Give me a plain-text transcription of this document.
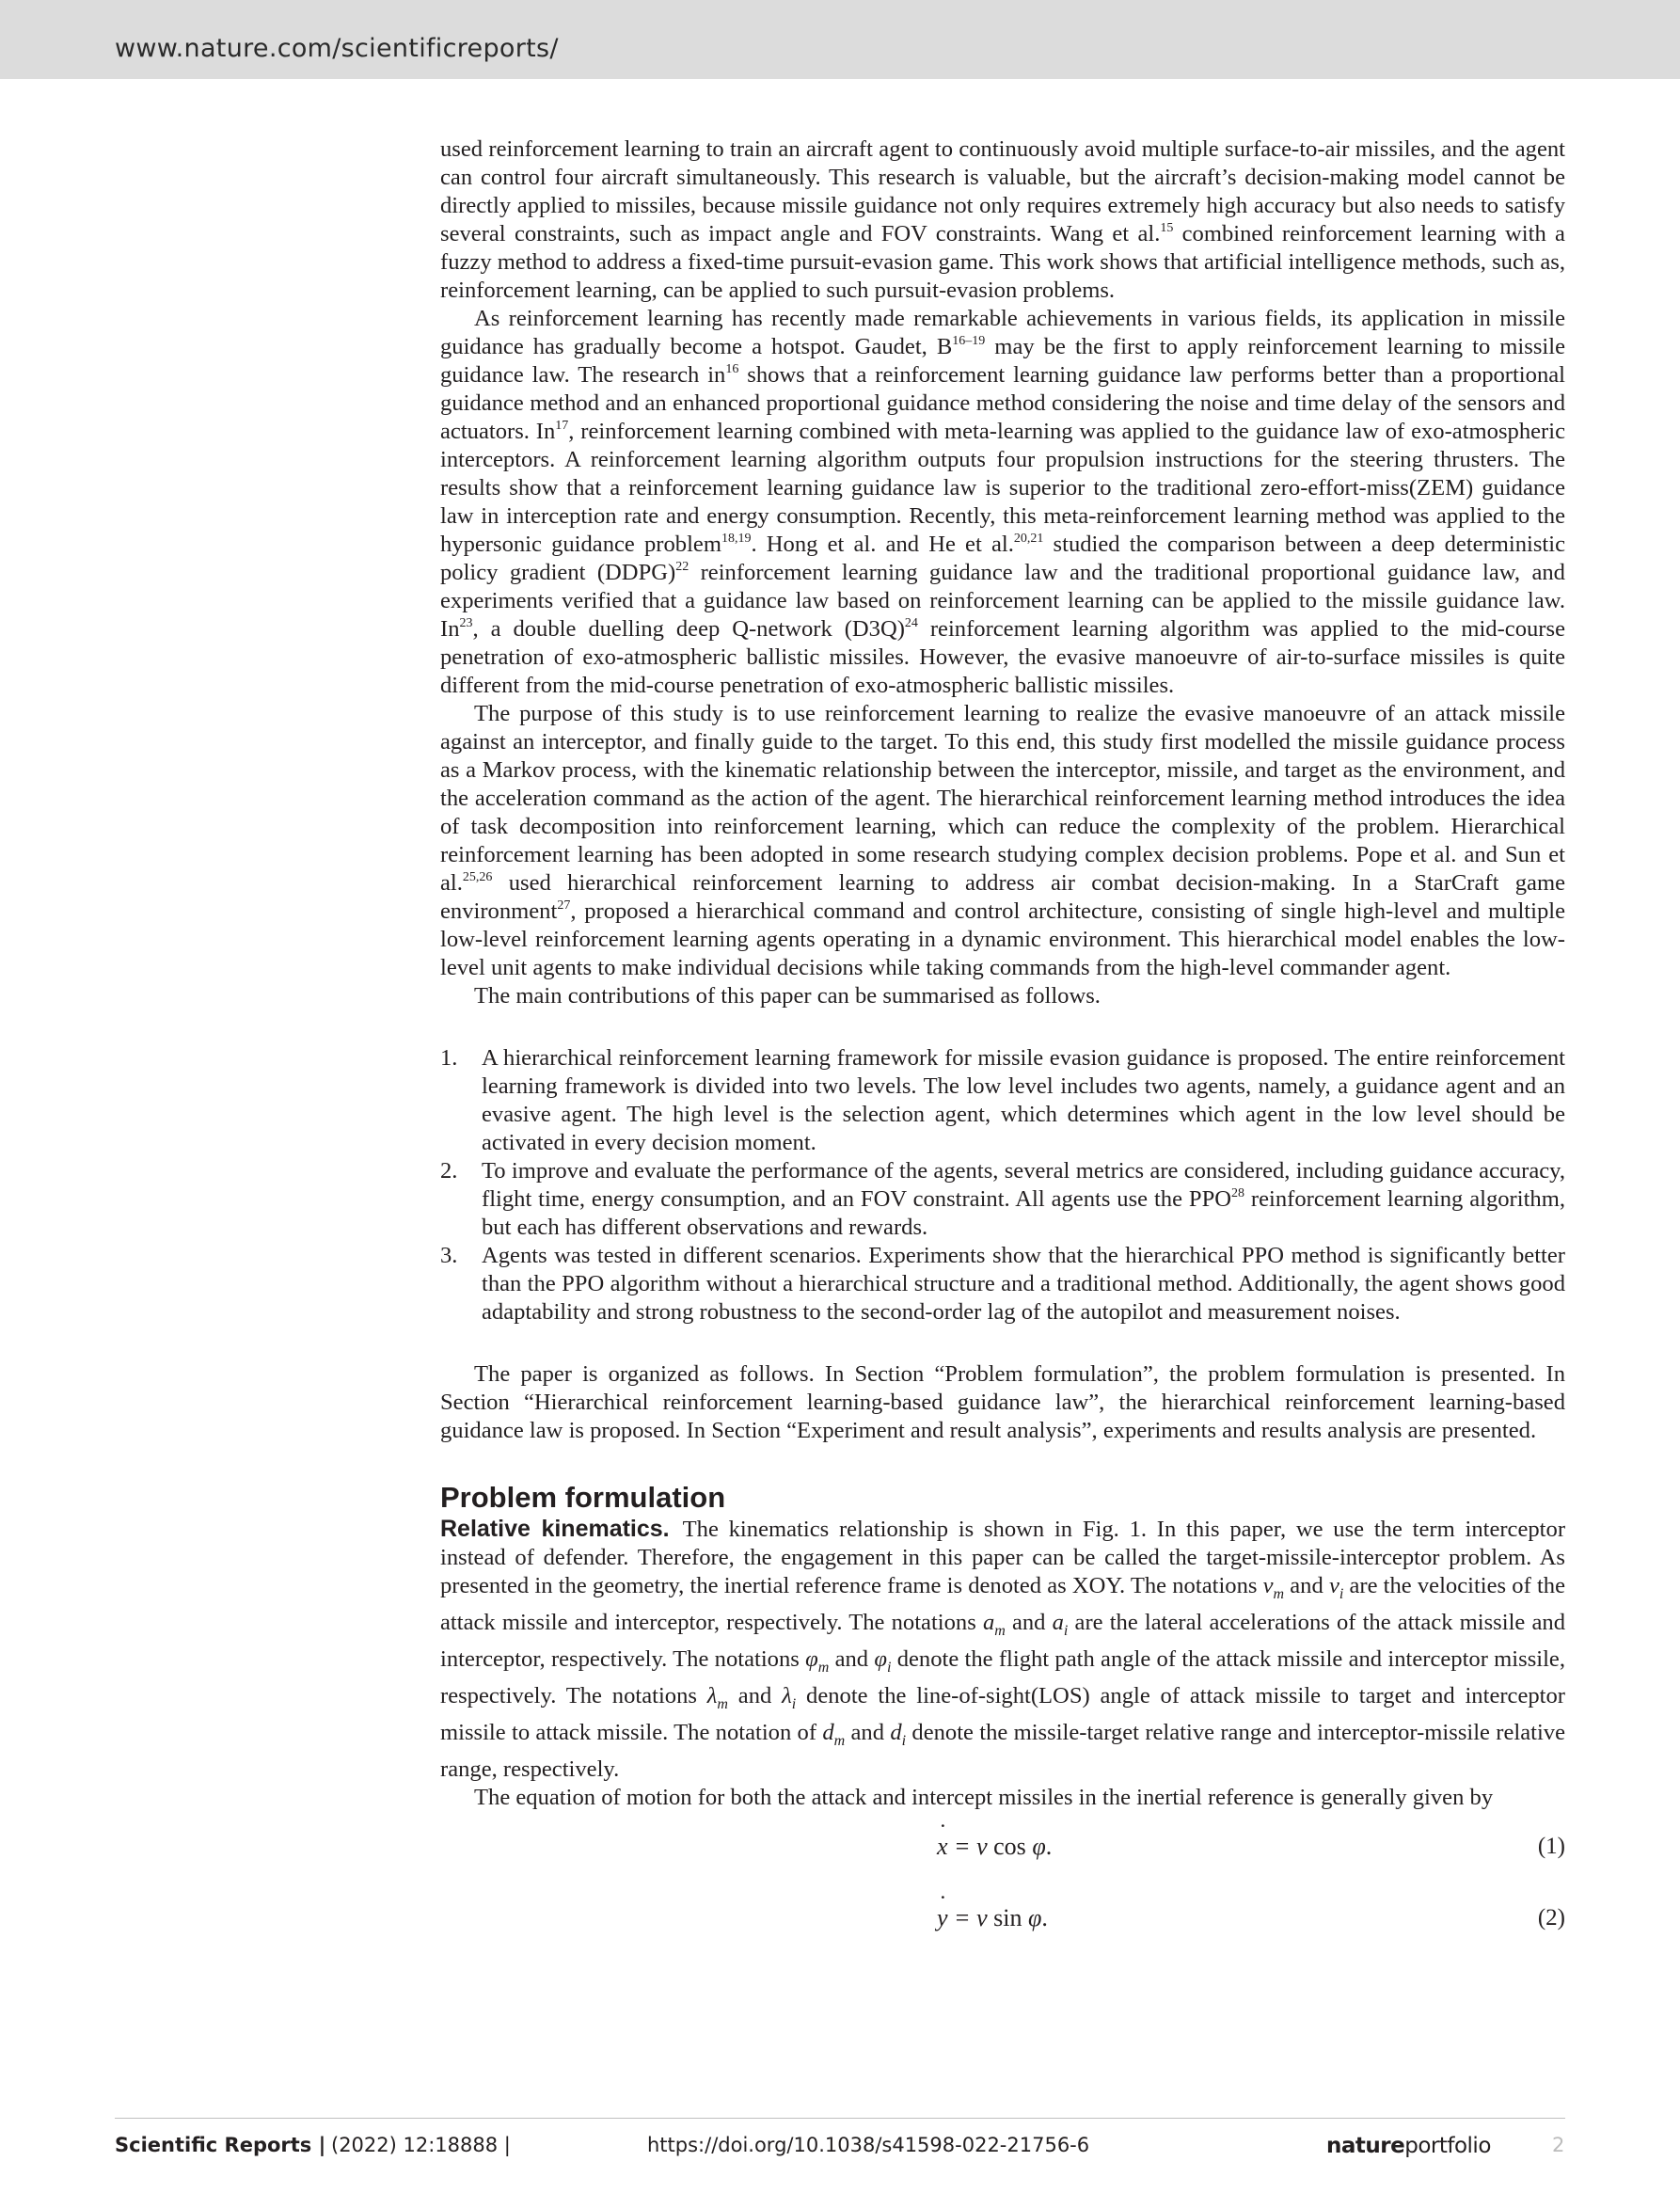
www.nature.com/scientificreports/

used reinforcement learning to train an aircraft agent to continuously avoid multiple surface-to-air missiles, and the agent can control four aircraft simultaneously. This research is valuable, but the aircraft’s decision-making model cannot be directly applied to missiles, because missile guidance not only requires extremely high accuracy but also needs to satisfy several constraints, such as impact angle and FOV constraints. Wang et al.$^{15}$ combined reinforcement learning with a fuzzy method to address a fixed-time pursuit-evasion game. This work shows that artificial intelligence methods, such as, reinforcement learning, can be applied to such pursuit-evasion problems.

As reinforcement learning has recently made remarkable achievements in various fields, its application in missile guidance has gradually become a hotspot. Gaudet, $B^{16-19}$ may be the first to apply reinforcement learning to missile guidance law. The research $in^{16}$ shows that a reinforcement learning guidance law performs better than a proportional guidance method and an enhanced proportional guidance method considering the noise and time delay of the sensors and actuators. In$^{17}$, reinforcement learning combined with meta-learning was applied to the guidance law of exo-atmospheric interceptors. A reinforcement learning algorithm outputs four propulsion instructions for the steering thrusters. The results show that a reinforcement learning guidance law is superior to the traditional zero-effort-miss(ZEM) guidance law in interception rate and energy consumption. Recently, this meta-reinforcement learning method was applied to the hypersonic guidance problem$^{18,19}$. Hong et al. and He et al.$^{20,21}$ studied the comparison between a deep deterministic policy gradient (DDPG)$^{22}$ reinforcement learning guidance law and the traditional proportional guidance law, and experiments verified that a guidance law based on reinforcement learning can be applied to the missile guidance law. In$^{23}$, a double duelling deep Q-network $(D3Q)^{24}$ reinforcement learning algorithm was applied to the mid-course penetration of exo-atmospheric ballistic missiles. However, the evasive manoeuvre of air-to-surface missiles is quite different from the mid-course penetration of exo-atmospheric ballistic missiles.

The purpose of this study is to use reinforcement learning to realize the evasive manoeuvre of an attack missile against an interceptor, and finally guide to the target. To this end, this study first modelled the missile guidance process as a Markov process, with the kinematic relationship between the interceptor, missile, and target as the environment, and the acceleration command as the action of the agent. The hierarchical reinforcement learning method introduces the idea of task decomposition into reinforcement learning, which can reduce the complexity of the problem. Hierarchical reinforcement learning has been adopted in some research studying complex decision problems. Pope et al. and Sun et al.$^{25,26}$ used hierarchical reinforcement learning to address air combat decision-making. In a StarCraft game environment$^{27}$, proposed a hierarchical command and control architecture, consisting of single high-level and multiple low-level reinforcement learning agents operating in a dynamic environment. This hierarchical model enables the low-level unit agents to make individual decisions while taking commands from the high-level commander agent.

The main contributions of this paper can be summarised as follows.

1. A hierarchical reinforcement learning framework for missile evasion guidance is proposed. The entire reinforcement learning framework is divided into two levels. The low level includes two agents, namely, a guidance agent and an evasive agent. The high level is the selection agent, which determines which agent in the low level should be activated in every decision moment.
2. To improve and evaluate the performance of the agents, several metrics are considered, including guidance accuracy, flight time, energy consumption, and an FOV constraint. All agents use the PPO$^{28}$ reinforcement learning algorithm, but each has different observations and rewards.
3. Agents was tested in different scenarios. Experiments show that the hierarchical PPO method is significantly better than the PPO algorithm without a hierarchical structure and a traditional method. Additionally, the agent shows good adaptability and strong robustness to the second-order lag of the autopilot and measurement noises.

The paper is organized as follows. In Section “Problem formulation”, the problem formulation is presented. In Section “Hierarchical reinforcement learning-based guidance law”, the hierarchical reinforcement learning-based guidance law is proposed. In Section “Experiment and result analysis”, experiments and results analysis are presented.

Problem formulation

Relative kinematics. The kinematics relationship is shown in Fig. 1. In this paper, we use the term interceptor instead of defender. Therefore, the engagement in this paper can be called the target-missile-interceptor problem. As presented in the geometry, the inertial reference frame is denoted as XOY. The notations $v_m$ and $v_i$ are the velocities of the attack missile and interceptor, respectively. The notations $a_m$ and $a_i$ are the lateral accelerations of the attack missile and interceptor, respectively. The notations $\varphi_m$ and $\varphi_i$ denote the flight path angle of the attack missile and interceptor missile, respectively. The notations $\lambda_m$ and $\lambda_i$ denote the line-of-sight(LOS) angle of attack missile to target and interceptor missile to attack missile. The notation of $d_m$ and $d_i$ denote the missile-target relative range and interceptor-missile relative range, respectively.

The equation of motion for both the attack and intercept missiles in the inertial reference is generally given by

˙ x = v cos φ.	(1)
˙ y = v sin φ.	(2)
Scientific Reports | (2022) 12:18888 |	https://doi.org/10.1038/s41598-022-21756-6	natureportfolio	2
